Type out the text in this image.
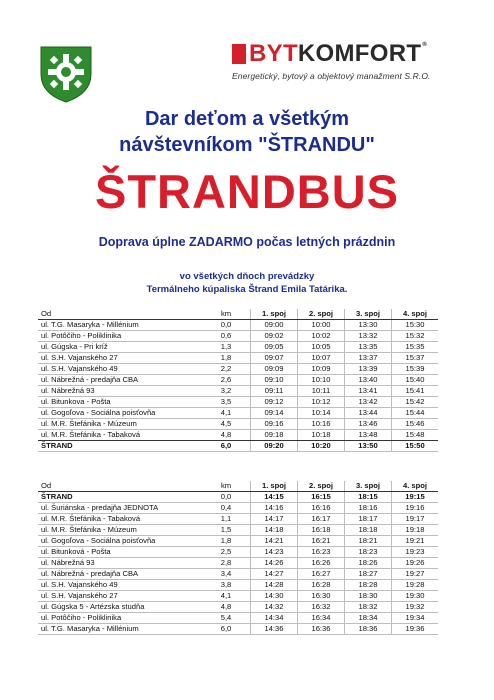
BYTKOMFORT®
Energetický, bytový a objektový manažment S.R.O.
Dar deťom a všetkým
návštevníkom "ŠTRANDU"
ŠTRANDBUS
Doprava úplne ZADARMO počas letných prázdnin
vo všetkých dňoch prevádzky
Termálneho kúpaliska Štrand Emila Tatárika.
Od	km	1. spoj	2. spoj	3. spoj	4. spoj
ul. T.G. Masaryka - Millénium	0,0	09:00	10:00	13:30	15:30
ul. Potôčiho - Poliklinika	0,6	09:02	10:02	13:32	15:32
ul. Gúgska - Pri kríž	1,3	09:05	10:05	13:35	15:35
ul. S.H. Vajanského 27	1,8	09:07	10:07	13:37	15:37
ul. S.H. Vajanského 49	2,2	09:09	10:09	13:39	15:39
ul. Nábrežná - predajňa CBA	2,6	09:10	10:10	13:40	15:40
ul. Nábrežná 93	3,2	09:11	10:11	13:41	15:41
ul. Bitunkova - Pošta	3,5	09:12	10:12	13:42	15:42
ul. Gogoľova - Sociálna poisťovňa	4,1	09:14	10:14	13:44	15:44
ul. M.R. Štefánika - Múzeum	4,5	09:16	10:16	13:46	15:46
ul. M.R. Štefánika - Tabaková	4,8	09:18	10:18	13:48	15:48
ŠTRAND	6,0	09:20	10:20	13:50	15:50
Od	km	1. spoj	2. spoj	3. spoj	4. spoj
ŠTRAND	0,0	14:15	16:15	18:15	19:15
ul. Šuriánska - predajňa JEDNOTA	0,4	14:16	16:16	18:16	19:16
ul. M.R. Štefánika - Tabaková	1,1	14:17	16:17	18:17	19:17
ul. M.R. Štefánika - Múzeum	1,5	14:18	16:18	18:18	19:18
ul. Gogoľova - Sociálna poisťovňa	1,8	14:21	16:21	18:21	19:21
ul. Bitunková - Pošta	2,5	14:23	16:23	18:23	19:23
ul. Nábrežná 93	2,8	14:26	16:26	18:26	19:26
ul. Nábrežná - predajňa CBA	3,4	14:27	16:27	18:27	19:27
ul. S.H. Vajanského 49	3,8	14:28	16:28	18:28	19:28
ul. S.H. Vajanského 27	4,1	14:30	16:30	18:30	19:30
ul. Gúgska 5 - Artézska studňa	4,8	14:32	16:32	18:32	19:32
ul. Potôčiho - Poliklinika	5,4	14:34	16:34	18:34	19:34
ul. T.G. Masaryka - Millénium	6,0	14:36	16:36	18:36	19:36
